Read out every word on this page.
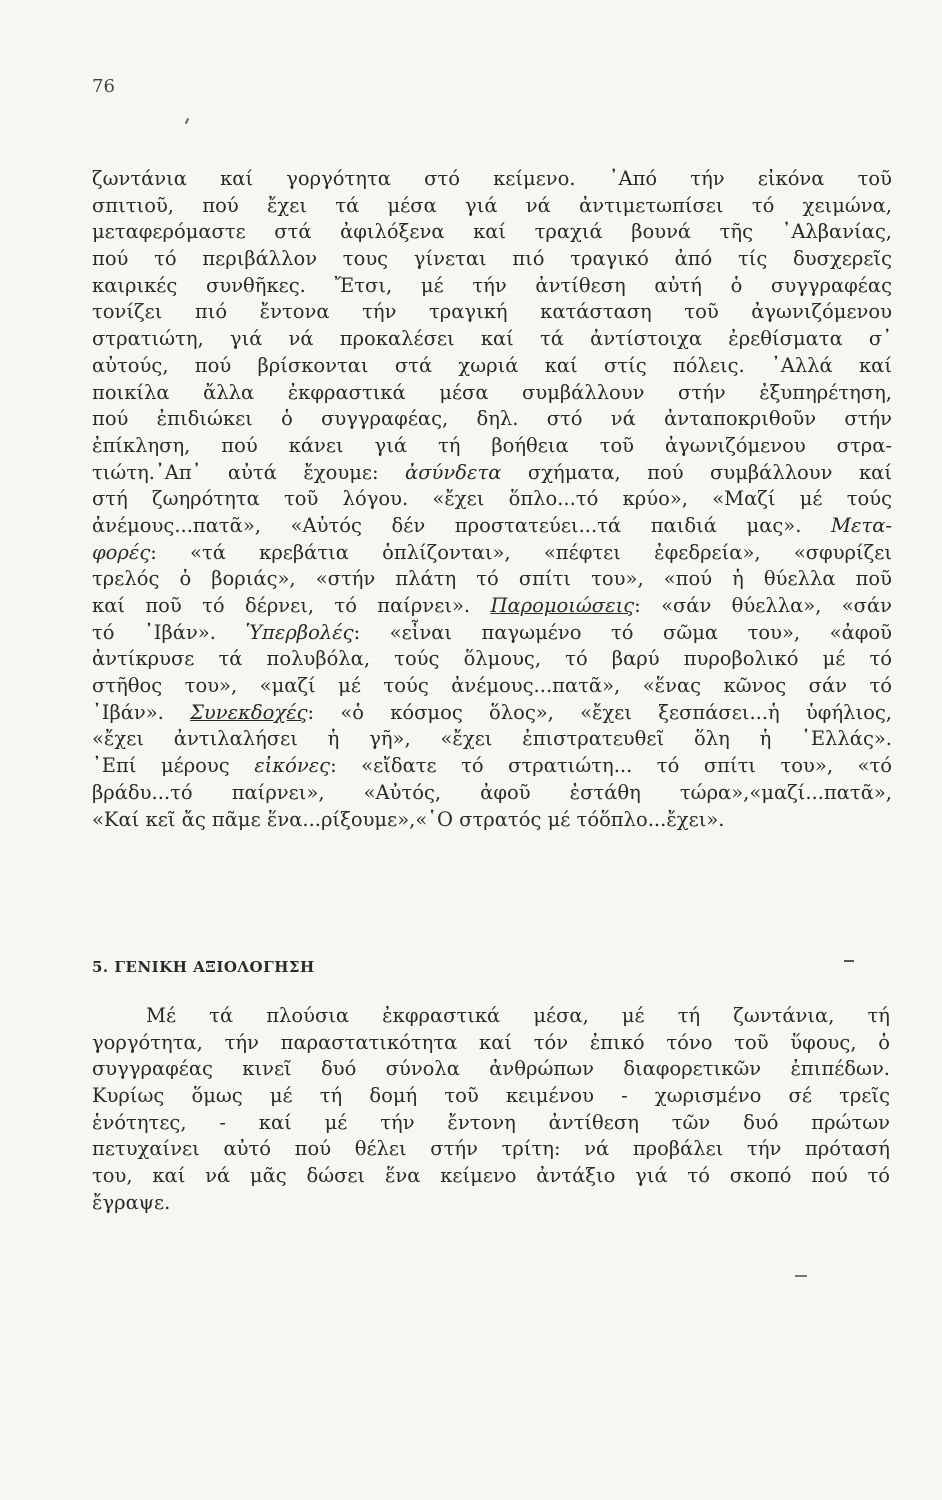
76
ζωντάνια καί γοργότητα στό κείμενο. ᾿Από τήν εἰκόνα τοῦ
σπιτιοῦ, πού ἔχει τά μέσα γιά νά ἀντιμετωπίσει τό χειμώνα,
μεταφερόμαστε στά ἀφιλόξενα καί τραχιά βουνά τῆς ᾿Αλβανίας,
πού τό περιβάλλον τους γίνεται πιό τραγικό ἀπό τίς δυσχερεῖς
καιρικές συνθῆκες. Ἔτσι, μέ τήν ἀντίθεση αὐτή ὁ συγγραφέας
τονίζει πιό ἔντονα τήν τραγική κατάσταση τοῦ ἀγωνιζόμενου
στρατιώτη, γιά νά προκαλέσει καί τά ἀντίστοιχα ἐρεθίσματα σ᾿
αὐτούς, πού βρίσκονται στά χωριά καί στίς πόλεις. ᾿Αλλά καί
ποικίλα ἄλλα ἐκφραστικά μέσα συμβάλλουν στήν ἐξυπηρέτηση,
πού ἐπιδιώκει ὁ συγγραφέας, δηλ. στό νά ἀνταποκριθοῦν στήν
ἐπίκληση, πού κάνει γιά τή βοήθεια τοῦ ἀγωνιζόμενου στρα-
τιώτη.᾿Απ᾿ αὐτά ἔχουμε: ἀσύνδετα σχήματα, πού συμβάλλουν καί
στή ζωηρότητα τοῦ λόγου. «ἔχει ὅπλο...τό κρύο», «Μαζί μέ τούς
ἀνέμους...πατᾶ», «Αὐτός δέν προστατεύει...τά παιδιά μας». Μετα-
φορές: «τά κρεβάτια ὁπλίζονται», «πέφτει ἐφεδρεία», «σφυρίζει
τρελός ὁ βοριάς», «στήν πλάτη τό σπίτι του», «πού ἡ θύελλα ποῦ
καί ποῦ τό δέρνει, τό παίρνει». Παρομοιώσεις: «σάν θύελλα», «σάν
τό ᾿Ιβάν». Ὑπερβολές: «εἶναι παγωμένο τό σῶμα του», «ἀφοῦ
ἀντίκρυσε τά πολυβόλα, τούς ὅλμους, τό βαρύ πυροβολικό μέ τό
στῆθος του», «μαζί μέ τούς ἀνέμους...πατᾶ», «ἕνας κῶνος σάν τό
᾿Ιβάν». Συνεκδοχές: «ὁ κόσμος ὅλος», «ἔχει ξεσπάσει...ἡ ὑφήλιος,
«ἔχει ἀντιλαλήσει ἡ γῆ», «ἔχει ἐπιστρατευθεῖ ὅλη ἡ ῾Ελλάς».
᾿Επί μέρους εἰκόνες: «εἴδατε τό στρατιώτη... τό σπίτι του», «τό
βράδυ...τό παίρνει», «Αὐτός, ἀφοῦ ἐστάθη τώρα»,«μαζί...πατᾶ»,
«Καί κεῖ ἄς πᾶμε ἕνα...ρίξουμε»,«῾Ο στρατός μέ τόὅπλο...ἔχει».
5. ΓΕΝΙΚΗ ΑΞΙΟΛΟΓΗΣΗ
Μέ τά πλούσια ἐκφραστικά μέσα, μέ τή ζωντάνια, τή
γοργότητα, τήν παραστατικότητα καί τόν ἐπικό τόνο τοῦ ὕφους, ὁ
συγγραφέας κινεῖ δυό σύνολα ἀνθρώπων διαφορετικῶν ἐπιπέδων.
Κυρίως ὅμως μέ τή δομή τοῦ κειμένου - χωρισμένο σέ τρεῖς
ἑνότητες, - καί μέ τήν ἔντονη ἀντίθεση τῶν δυό πρώτων
πετυχαίνει αὐτό πού θέλει στήν τρίτη: νά προβάλει τήν πρότασή
του, καί νά μᾶς δώσει ἕνα κείμενο ἀντάξιο γιά τό σκοπό πού τό
ἔγραψε.
